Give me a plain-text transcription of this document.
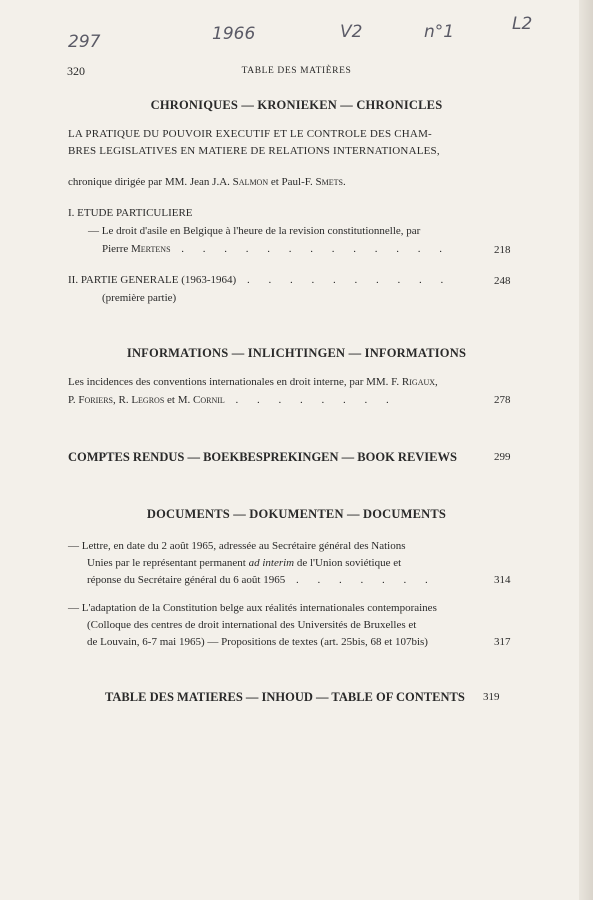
297	1966	V2	n°1	L2
320	TABLE DES MATIÈRES
CHRONIQUES — KRONIEKEN — CHRONICLES
LA PRATIQUE DU POUVOIR EXECUTIF ET LE CONTROLE DES CHAM-
BRES LEGISLATIVES EN MATIERE DE RELATIONS INTERNATIONALES,
chronique dirigée par MM. Jean J.A. Salmon et Paul-F. Smets.
I. ETUDE PARTICULIERE
— Le droit d'asile en Belgique à l'heure de la revision constitutionnelle, par
Pierre Mertens . . . . . . . . . . . . .	218
II. PARTIE GENERALE (1963-1964) . . . . . . . . . .	248
(première partie)
INFORMATIONS — INLICHTINGEN — INFORMATIONS
Les incidences des conventions internationales en droit interne, par MM. F. Rigaux,
P. Foriers, R. Legros et M. Cornil . . . . . . . .	278
COMPTES RENDUS — BOEKBESPREKINGEN — BOOK REVIEWS	299
DOCUMENTS — DOKUMENTEN — DOCUMENTS
— Lettre, en date du 2 août 1965, adressée au Secrétaire général des Nations
Unies par le représentant permanent ad interim de l'Union soviétique et
réponse du Secrétaire général du 6 août 1965 . . . . . . .	314
— L'adaptation de la Constitution belge aux réalités internationales contemporaines
(Colloque des centres de droit international des Universités de Bruxelles et
de Louvain, 6-7 mai 1965) — Propositions de textes (art. 25bis, 68 et 107bis)	317
TABLE DES MATIERES — INHOUD — TABLE OF CONTENTS 319
